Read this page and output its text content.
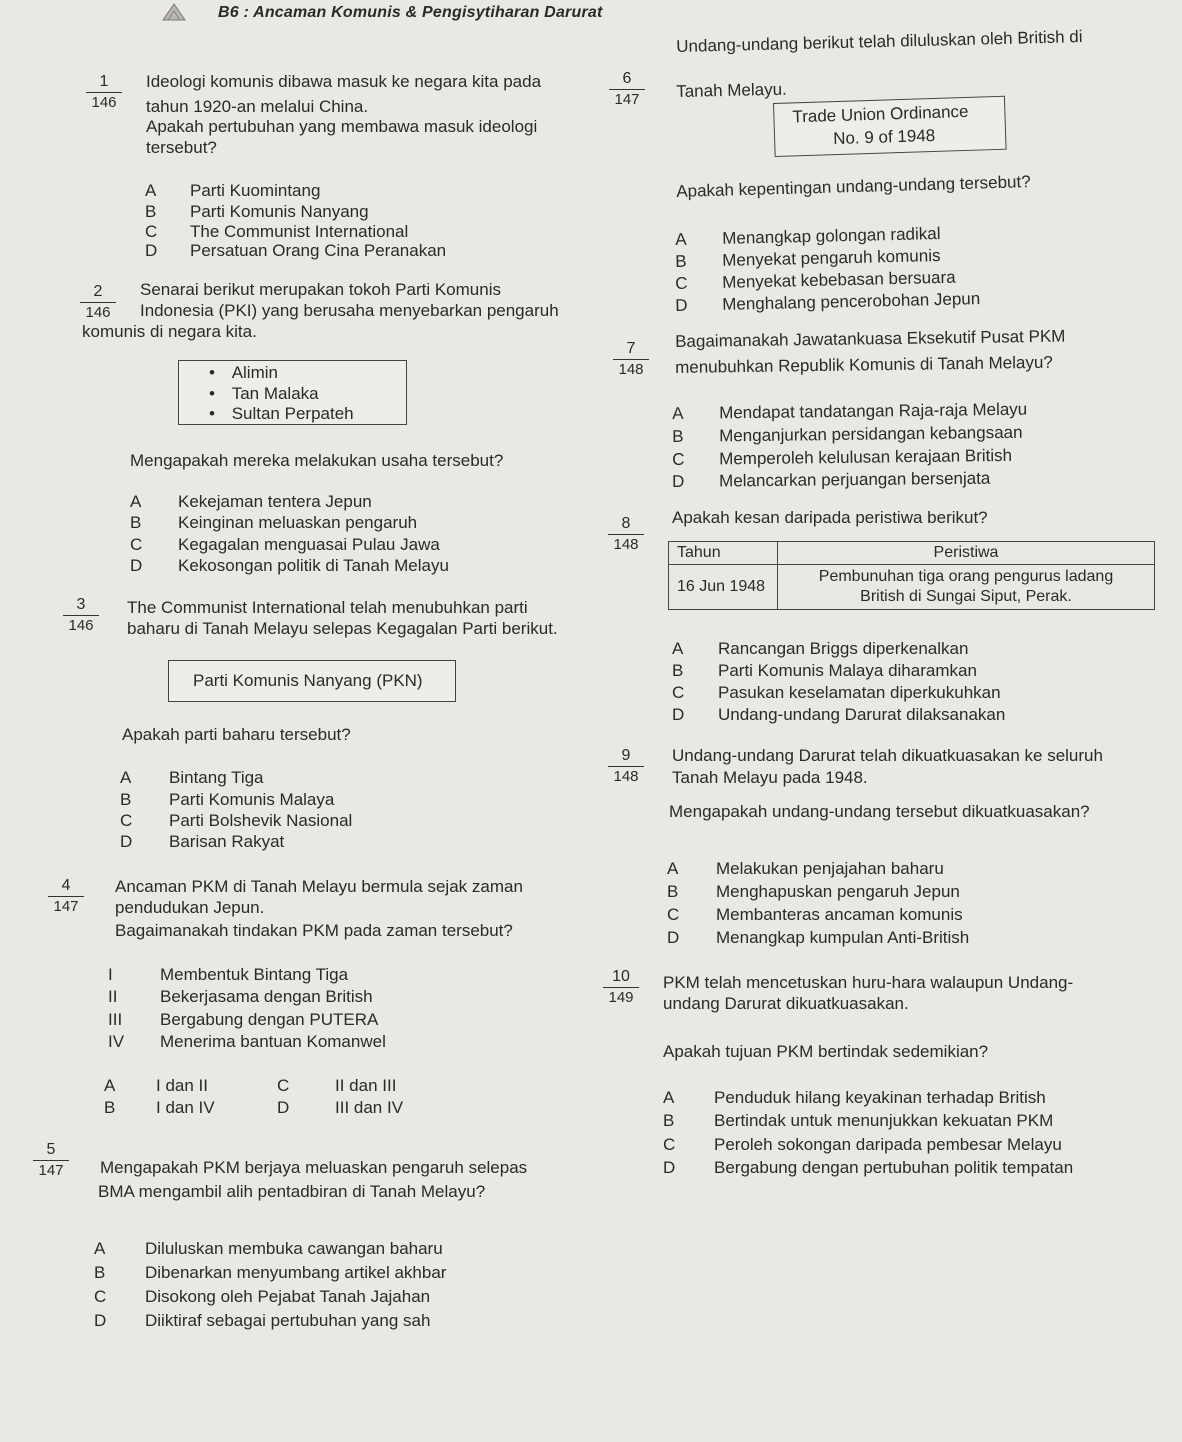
B6 : Ancaman Komunis & Pengisytiharan Darurat
1
146
Ideologi komunis dibawa masuk ke negara kita pada
tahun 1920-an melalui China.
Apakah pertubuhan yang membawa masuk ideologi
tersebut?
A Parti Kuomintang
B Parti Komunis Nanyang
C The Communist International
D Persatuan Orang Cina Peranakan
2
146
Senarai berikut merupakan tokoh Parti Komunis
Indonesia (PKI) yang berusaha menyebarkan pengaruh
komunis di negara kita.
• Alimin
• Tan Malaka
• Sultan Perpateh
Mengapakah mereka melakukan usaha tersebut?
A Kekejaman tentera Jepun
B Keinginan meluaskan pengaruh
C Kegagalan menguasai Pulau Jawa
D Kekosongan politik di Tanah Melayu
3
146
The Communist International telah menubuhkan parti
baharu di Tanah Melayu selepas Kegagalan Parti berikut.
Parti Komunis Nanyang (PKN)
Apakah parti baharu tersebut?
A Bintang Tiga
B Parti Komunis Malaya
C Parti Bolshevik Nasional
D Barisan Rakyat
4
147
Ancaman PKM di Tanah Melayu bermula sejak zaman
pendudukan Jepun.
Bagaimanakah tindakan PKM pada zaman tersebut?
I	Membentuk Bintang Tiga
II	Bekerjasama dengan British
III Bergabung dengan PUTERA
IV Menerima bantuan Komanwel
A I dan II
B I dan IV
C	II dan III
D	III dan IV
5
147	Mengapakah PKM berjaya meluaskan pengaruh selepas
BMA mengambil alih pentadbiran di Tanah Melayu?
A Diluluskan membuka cawangan baharu
B Dibenarkan menyumbang artikel akhbar
C Disokong oleh Pejabat Tanah Jajahan
D Diiktiraf sebagai pertubuhan yang sah
6
147
Undang-undang berikut telah diluluskan oleh British di
Tanah Melayu.
Trade Union Ordinance
No. 9 of 1948
Apakah kepentingan undang-undang tersebut?
A Menangkap golongan radikal
B Menyekat pengaruh komunis
C Menyekat kebebasan bersuara
D Menghalang pencerobohan Jepun
7
148
Bagaimanakah Jawatankuasa Eksekutif Pusat PKM
menubuhkan Republik Komunis di Tanah Melayu?
A Mendapat tandatangan Raja-raja Melayu
B Menganjurkan persidangan kebangsaan
C Memperoleh kelulusan kerajaan British
D Melancarkan perjuangan bersenjata
8
148
Apakah kesan daripada peristiwa berikut?
Tahun	Peristiwa
16 Jun 1948	Pembunuhan tiga orang pengurus ladang
British di Sungai Siput, Perak.
A Rancangan Briggs diperkenalkan
B Parti Komunis Malaya diharamkan
C Pasukan keselamatan diperkukuhkan
D Undang-undang Darurat dilaksanakan
9
148
Undang-undang Darurat telah dikuatkuasakan ke seluruh
Tanah Melayu pada 1948.
Mengapakah undang-undang tersebut dikuatkuasakan?
A Melakukan penjajahan baharu
B Menghapuskan pengaruh Jepun
C Membanteras ancaman komunis
D Menangkap kumpulan Anti-British
10
149
PKM telah mencetuskan huru-hara walaupun Undang-
undang Darurat dikuatkuasakan.
Apakah tujuan PKM bertindak sedemikian?
A Penduduk hilang keyakinan terhadap British
B Bertindak untuk menunjukkan kekuatan PKM
C Peroleh sokongan daripada pembesar Melayu
D Bergabung dengan pertubuhan politik tempatan
